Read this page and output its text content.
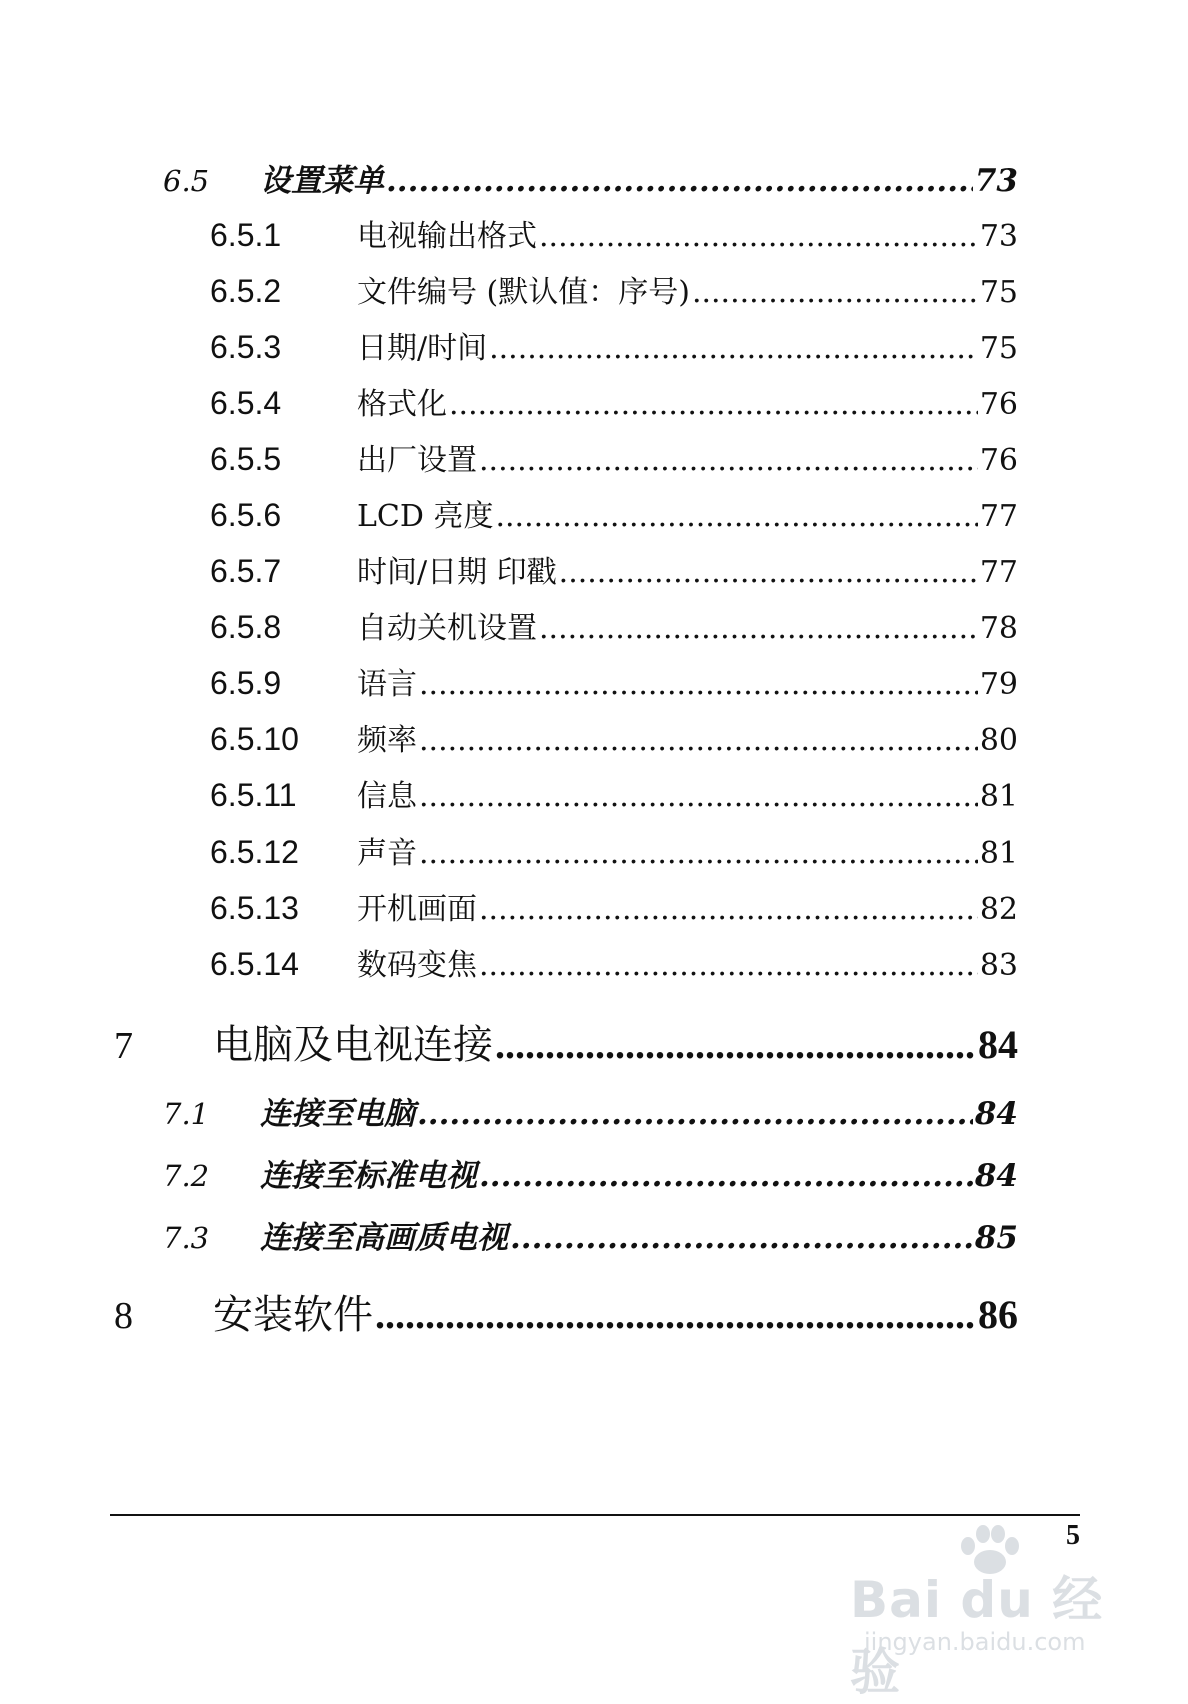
6.5	设置菜单 .....	73
6.5.1	电视输出格式 .....	73
6.5.2	文件编号 (默认值：序号) .....	75
6.5.3	日期/时间 .....	75
6.5.4	格式化 .....	76
6.5.5	出厂设置 .....	76
6.5.6	LCD 亮度 .....	77
6.5.7	时间/日期 印戳 .....	77
6.5.8	自动关机设置 .....	78
6.5.9	语言 .....	79
6.5.10	频率 .....	80
6.5.11	信息 .....	81
6.5.12	声音 .....	81
6.5.13	开机画面 .....	82
6.5.14	数码变焦 .....	83
7	电脑及电视连接 .....	84
7.1	连接至电脑 .....	84
7.2	连接至标准电视 .....	84
7.3	连接至高画质电视 .....	85
8	安装软件 .....	86
5
Bai du 经验
jingyan.baidu.com
